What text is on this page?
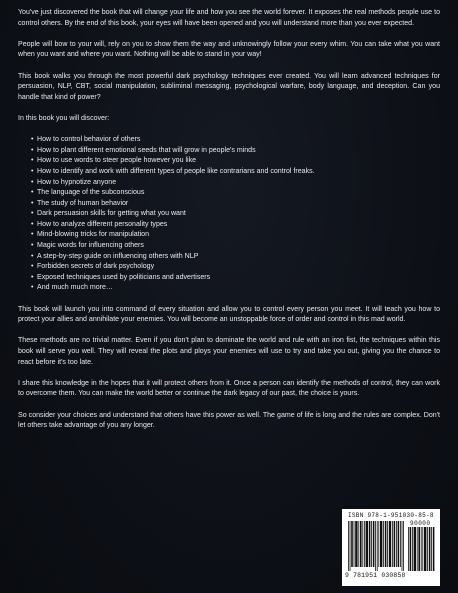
You've just discovered the book that will change your life and how you see the world forever. It exposes the real methods people use to control others. By the end of this book, your eyes will have been opened and you will understand more than you ever expected.

People will bow to your will, rely on you to show them the way and unknowingly follow your every whim. You can take what you want when you want and where you want. Nothing will be able to stand in your way!

This book walks you through the most powerful dark psychology techniques ever created. You will learn advanced techniques for persuasion, NLP, CBT, social manipulation, subliminal messaging, psychological warfare, body language, and deception. Can you handle that kind of power?

In this book you will discover:

• How to control behavior of others
• How to plant different emotional seeds that will grow in people's minds
• How to use words to steer people however you like
• How to identify and work with different types of people like contrarians and control freaks.
• How to hypnotize anyone
• The language of the subconscious
• The study of human behavior
• Dark persuasion skills for getting what you want
• How to analyze different personality types
• Mind-blowing tricks for manipulation
• Magic words for influencing others
• A step-by-step guide on influencing others with NLP
• Forbidden secrets of dark psychology
• Exposed techniques used by politicians and advertisers
• And much much more…

This book will launch you into command of every situation and allow you to control every person you meet. It will teach you how to protect your allies and annihilate your enemies. You will become an unstoppable force of order and control in this mad world.

These methods are no trivial matter. Even if you don't plan to dominate the world and rule with an iron fist, the techniques within this book will serve you well. They will reveal the plots and ploys your enemies will use to try and take you out, giving you the chance to react before it's too late.

I share this knowledge in the hopes that it will protect others from it. Once a person can identify the methods of control, they can work to overcome them. You can make the world better or continue the dark legacy of our past, the choice is yours.

So consider your choices and understand that others have this power as well. The game of life is long and the rules are complex. Don't let others take advantage of you any longer.

ISBN 978-1-951030-85-8
90000
9 781951 030858
